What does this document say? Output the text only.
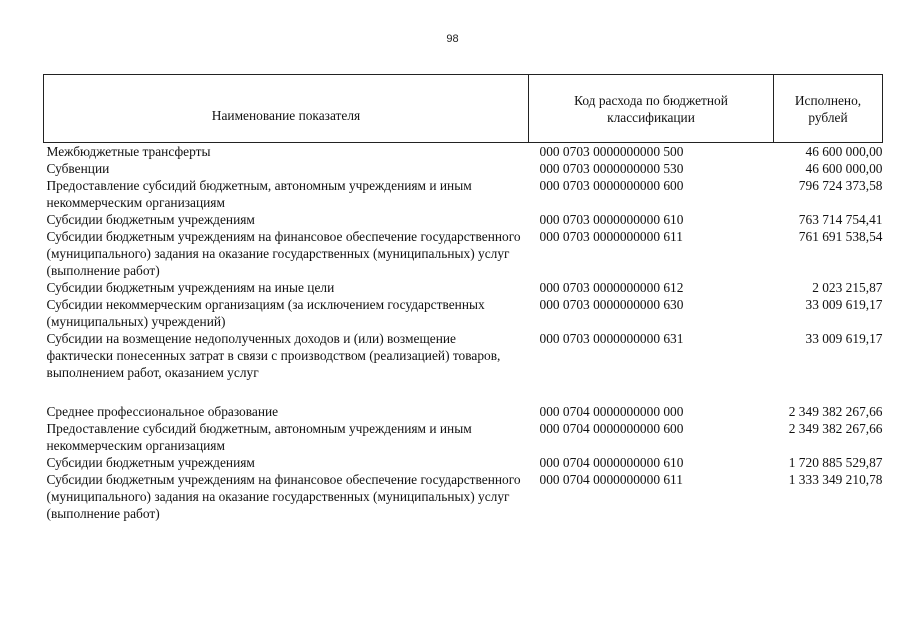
98
Наименование показателя	Код расхода по бюджетной классификации	Исполнено, рублей
Межбюджетные трансферты	000 0703 0000000000 500	46 600 000,00
Субвенции	000 0703 0000000000 530	46 600 000,00
Предоставление субсидий бюджетным, автономным учреждениям и иным некоммерческим организациям	000 0703 0000000000 600	796 724 373,58
Субсидии бюджетным учреждениям	000 0703 0000000000 610	763 714 754,41
Субсидии бюджетным учреждениям на финансовое обеспечение государственного (муниципального) задания на оказание государственных (муниципальных) услуг (выполнение работ)	000 0703 0000000000 611	761 691 538,54
Субсидии бюджетным учреждениям на иные цели	000 0703 0000000000 612	2 023 215,87
Субсидии некоммерческим организациям (за исключением государственных (муниципальных) учреждений)	000 0703 0000000000 630	33 009 619,17
Субсидии на возмещение недополученных доходов и (или) возмещение фактически понесенных затрат в связи с производством (реализацией) товаров, выполнением работ, оказанием услуг	000 0703 0000000000 631	33 009 619,17

Среднее профессиональное образование	000 0704 0000000000 000	2 349 382 267,66
Предоставление субсидий бюджетным, автономным учреждениям и иным некоммерческим организациям	000 0704 0000000000 600	2 349 382 267,66
Субсидии бюджетным учреждениям	000 0704 0000000000 610	1 720 885 529,87
Субсидии бюджетным учреждениям на финансовое обеспечение государственного (муниципального) задания на оказание государственных (муниципальных) услуг (выполнение работ)	000 0704 0000000000 611	1 333 349 210,78
